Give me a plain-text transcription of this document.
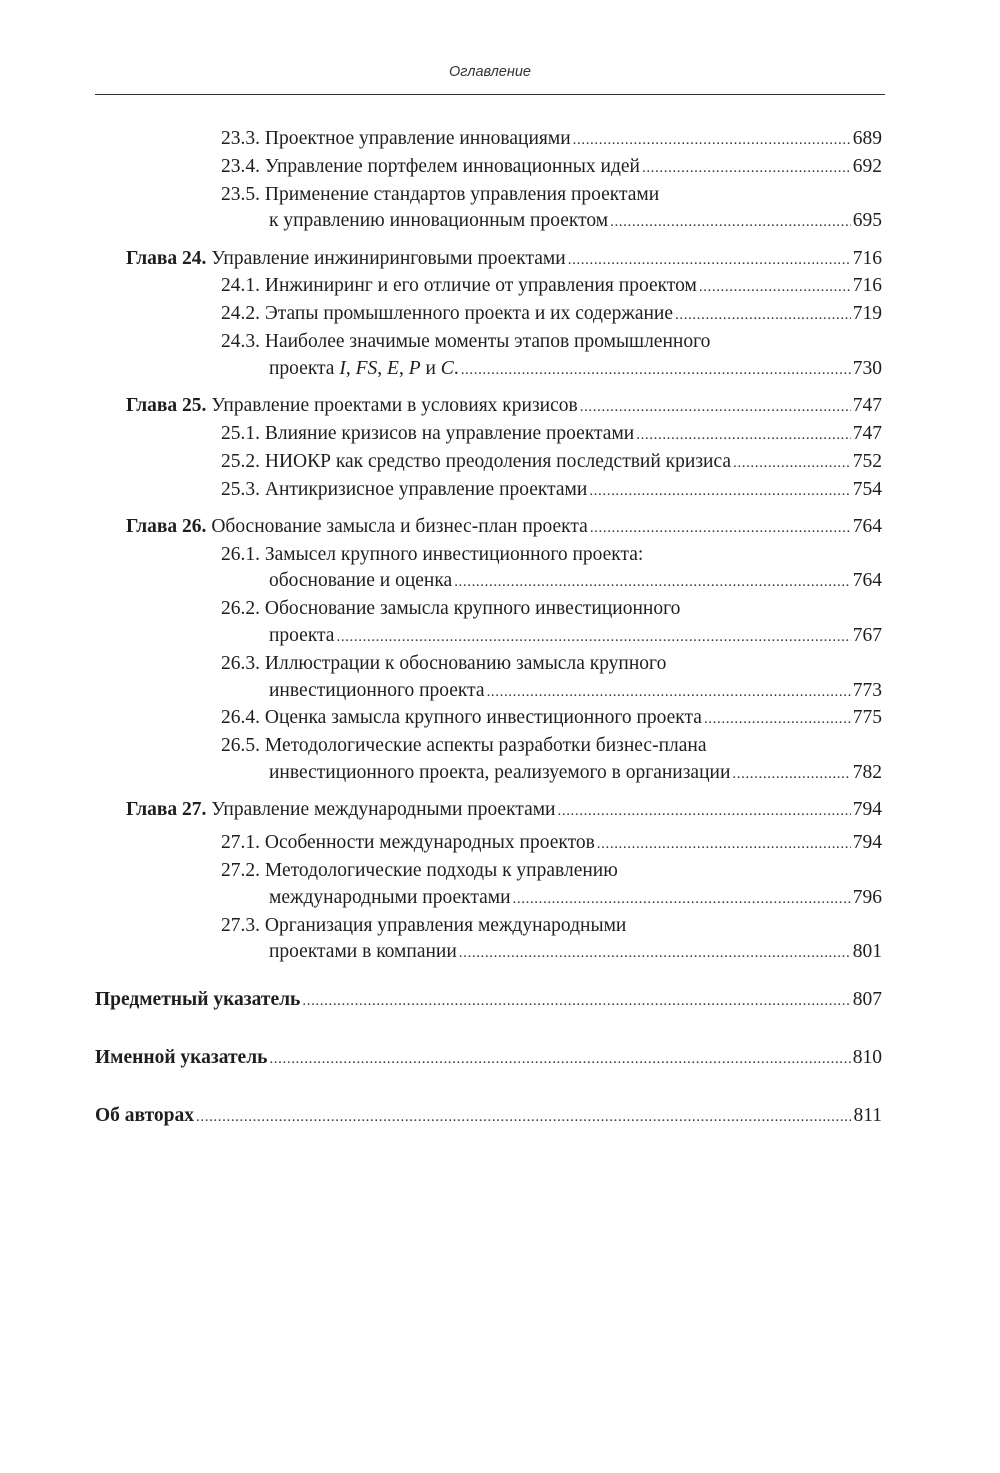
Оглавление
23.3.
Проектное управление инновациями .....	689
23.4.
Управление портфелем инновационных идей .....	692
23.5.
Применение стандартов управления проектами
к управлению инновационным проектом .....	695
Глава 24.
Управление инжиниринговыми проектами .....	716
24.1.
Инжиниринг и его отличие от управления проектом .....	716
24.2.
Этапы промышленного проекта и их содержание .....	719
24.3.
Наиболее значимые моменты этапов промышленного
проекта I, FS, E, P и C. .....	730
Глава 25.
Управление проектами в условиях кризисов .....	747
25.1.
Влияние кризисов на управление проектами .....	747
25.2.
НИОКР как средство преодоления последствий кризиса .....	752
25.3.
Антикризисное управление проектами .....	754
Глава 26.
Обоснование замысла и бизнес-план проекта .....	764
26.1.
Замысел крупного инвестиционного проекта:
обоснование и оценка .....	764
26.2.
Обоснование замысла крупного инвестиционного
проекта .....	767
26.3.
Иллюстрации к обоснованию замысла крупного
инвестиционного проекта .....	773
26.4.
Оценка замысла крупного инвестиционного проекта .....	775
26.5.
Методологические аспекты разработки бизнес-плана
инвестиционного проекта, реализуемого в организации .....	782
Глава 27.
Управление международными проектами .....	794
27.1.
Особенности международных проектов .....	794
27.2.
Методологические подходы к управлению
международными проектами .....	796
27.3.
Организация управления международными
проектами в компании .....	801
Предметный указатель .....	807
Именной указатель .....	810
Об авторах .....	811
